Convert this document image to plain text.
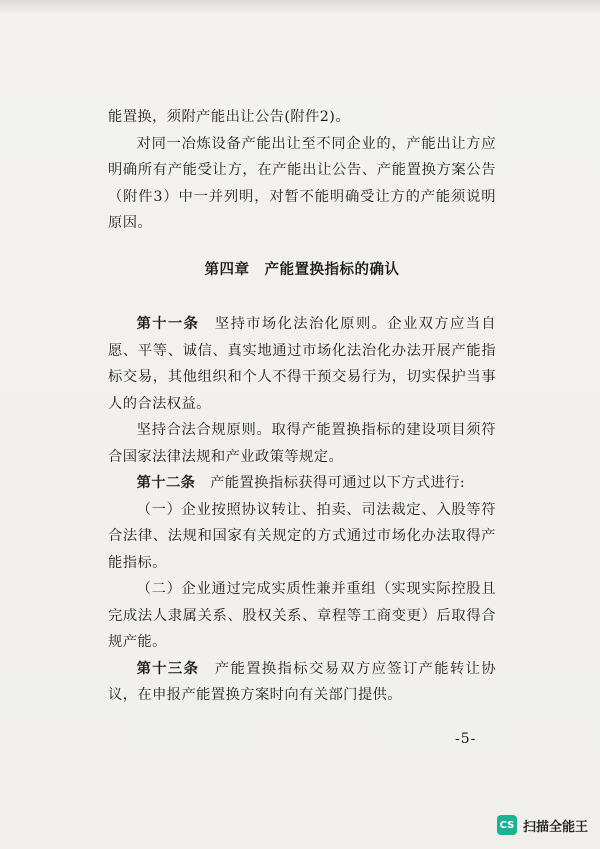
能置换，须附产能出让公告(附件2)。

对同一冶炼设备产能出让至不同企业的，产能出让方应明确所有产能受让方，在产能出让公告、产能置换方案公告（附件3）中一并列明，对暂不能明确受让方的产能须说明原因。

第四章　产能置换指标的确认

第十一条　坚持市场化法治化原则。企业双方应当自愿、平等、诚信、真实地通过市场化法治化办法开展产能指标交易，其他组织和个人不得干预交易行为，切实保护当事人的合法权益。

坚持合法合规原则。取得产能置换指标的建设项目须符合国家法律法规和产业政策等规定。

第十二条　产能置换指标获得可通过以下方式进行:

（一）企业按照协议转让、拍卖、司法裁定、入股等符合法律、法规和国家有关规定的方式通过市场化办法取得产能指标。

（二）企业通过完成实质性兼并重组（实现实际控股且完成法人隶属关系、股权关系、章程等工商变更）后取得合规产能。

第十三条　产能置换指标交易双方应签订产能转让协议，在申报产能置换方案时向有关部门提供。

-5-
CS 扫描全能王
